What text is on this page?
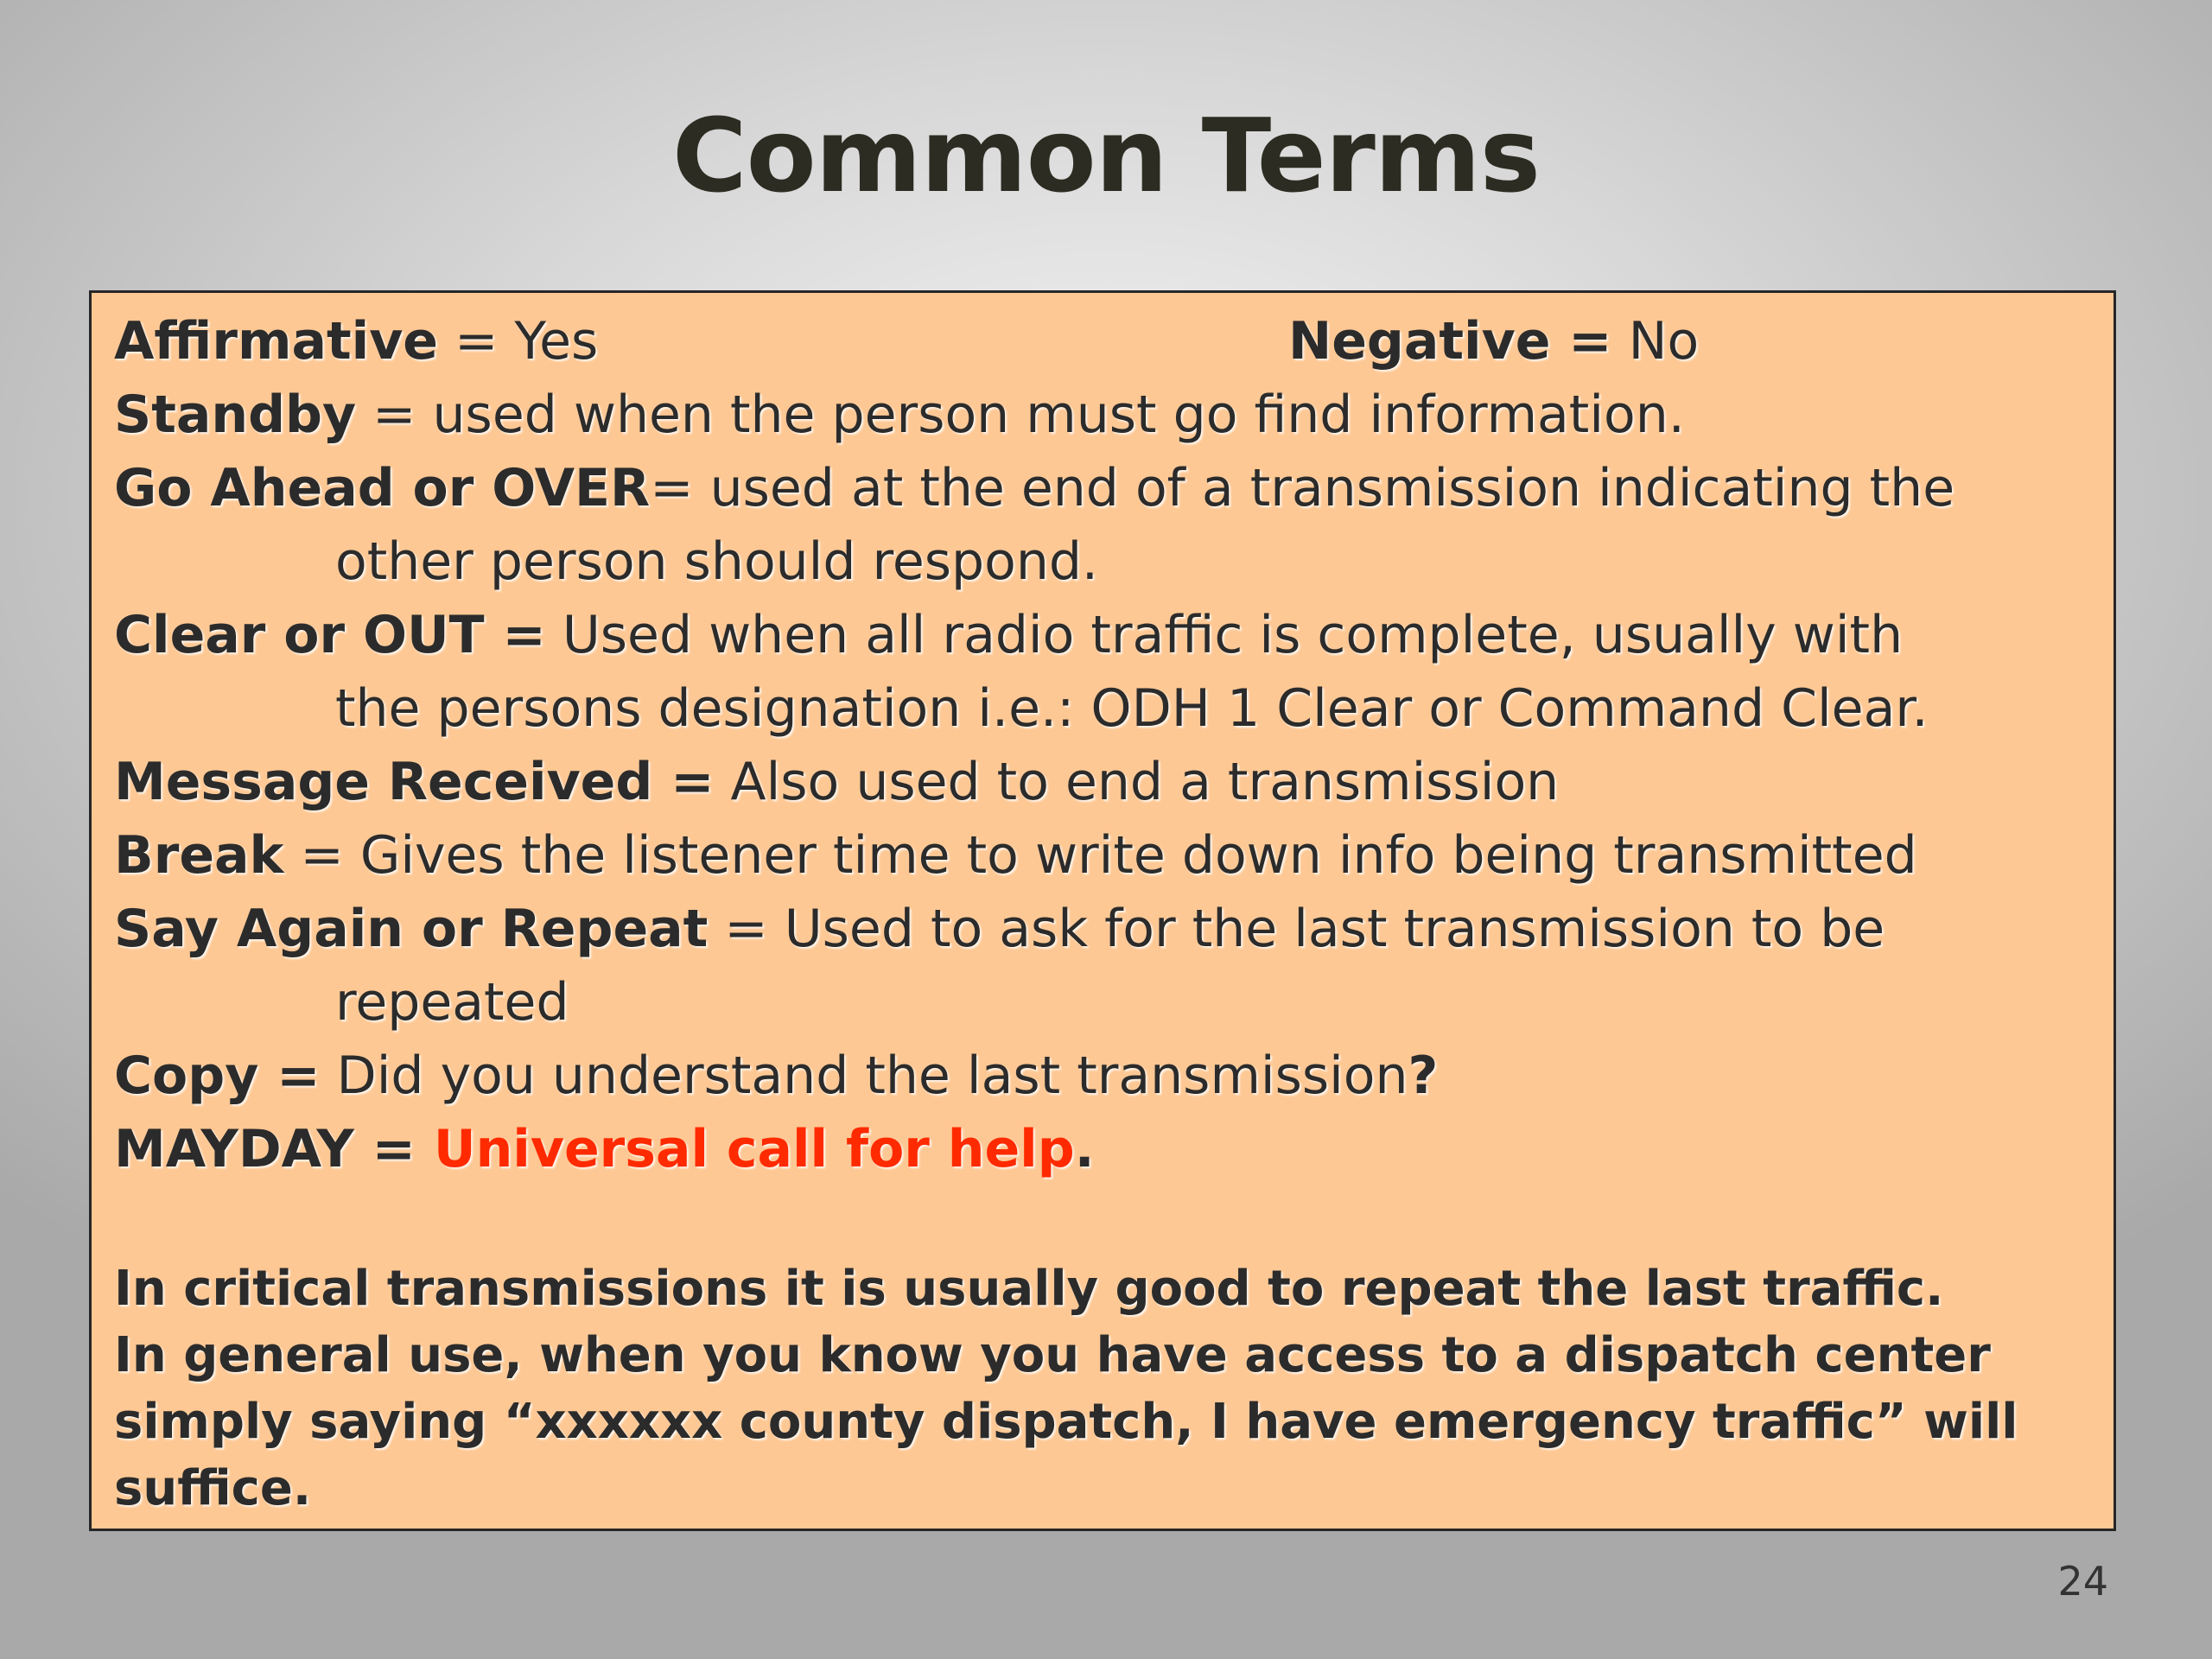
Common Terms
Affirmative = Yes	Negative = No
Standby = used when the person must go find information.
Go Ahead or OVER= used at the end of a transmission indicating the
other person should respond.
Clear or OUT = Used when all radio traffic is complete, usually with
the persons designation i.e.: ODH 1 Clear or Command Clear.
Message Received = Also used to end a transmission
Break = Gives the listener time to write down info being transmitted
Say Again or Repeat = Used to ask for the last transmission to be
repeated
Copy = Did you understand the last transmission?
MAYDAY = Universal call for help.
In critical transmissions it is usually good to repeat the last traffic.
In general use, when you know you have access to a dispatch center
simply saying “xxxxxx county dispatch, I have emergency traffic” will
suffice.
24
